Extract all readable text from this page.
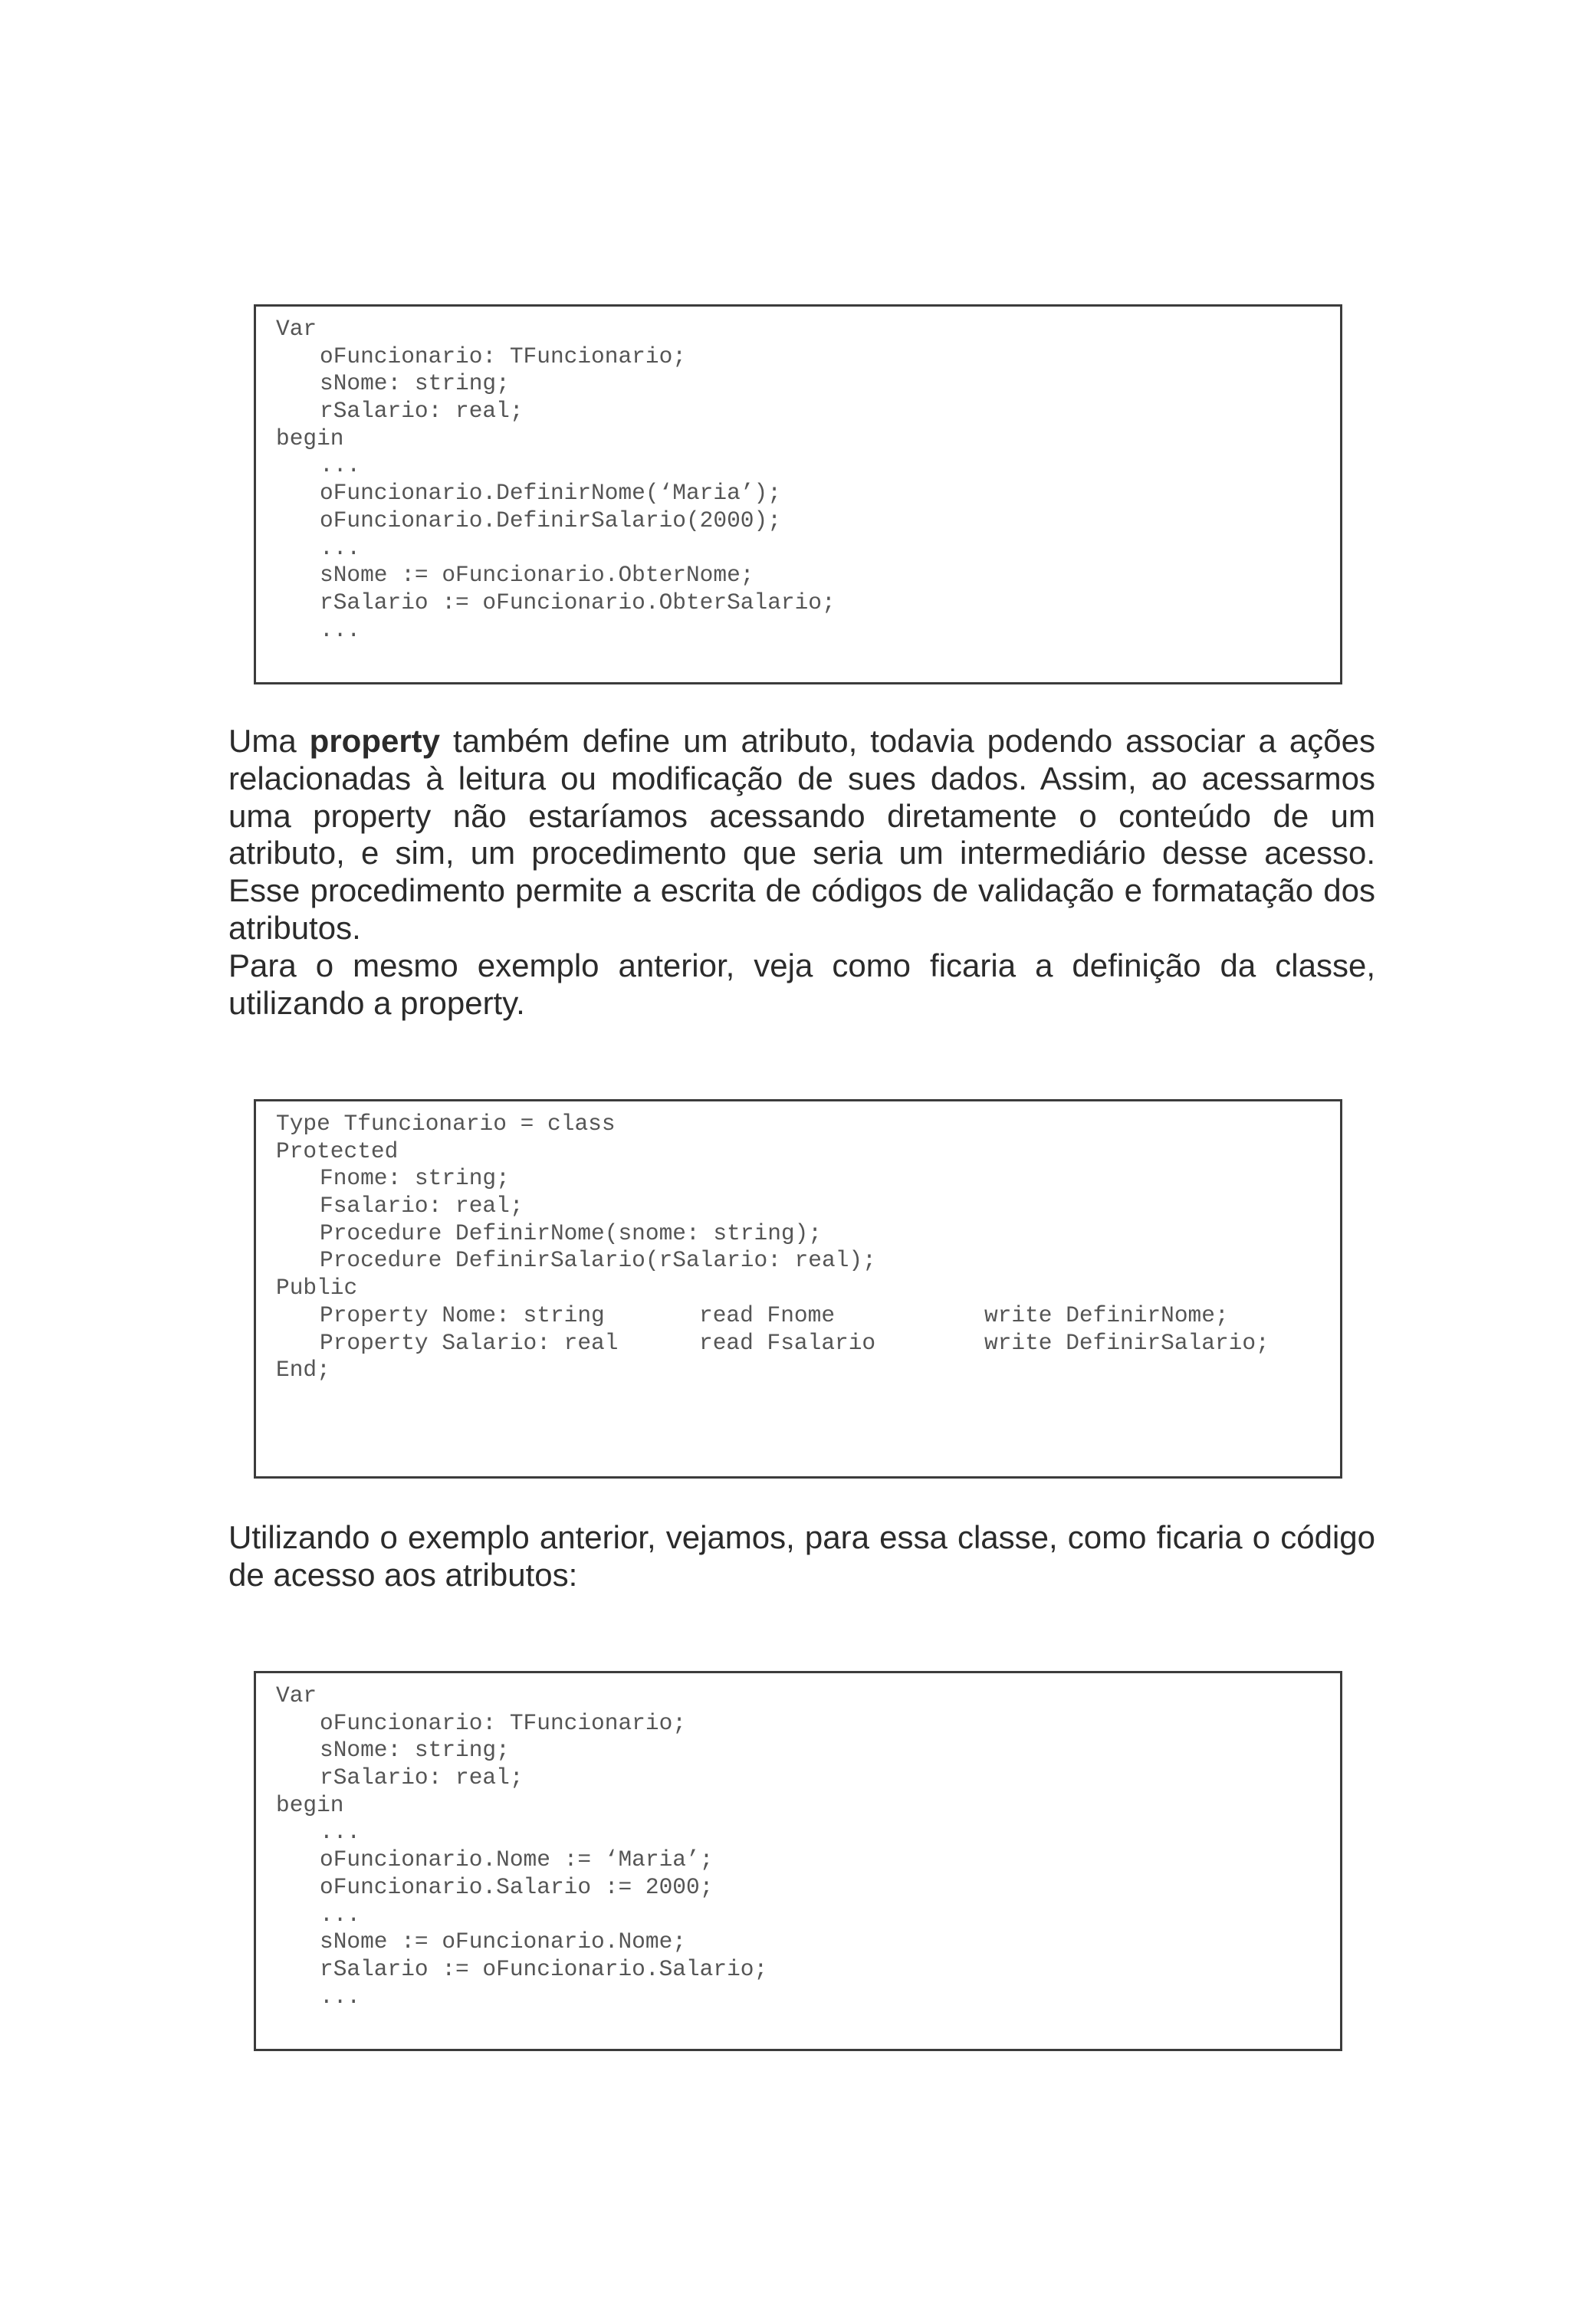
Var
oFuncionario: TFuncionario;
sNome: string;
rSalario: real;
begin
...
oFuncionario.DefinirNome(‘Maria’);
oFuncionario.DefinirSalario(2000);
...
sNome := oFuncionario.ObterNome;
rSalario := oFuncionario.ObterSalario;
...

Uma property também define um atributo, todavia podendo associar a ações relacionadas à leitura ou modificação de sues dados. Assim, ao acessarmos uma property não estaríamos acessando diretamente o conteúdo de um atributo, e sim, um procedimento que seria um intermediário desse acesso. Esse procedimento permite a escrita de códigos de validação e formatação dos atributos.

Para o mesmo exemplo anterior, veja como ficaria a definição da classe, utilizando a property.

Type Tfuncionario = class
Protected
Fnome: string;
Fsalario: real;
Procedure DefinirNome(snome: string);
Procedure DefinirSalario(rSalario: real);
Public
Property Nome: string	read Fnome	write DefinirNome;
Property Salario: real	read Fsalario	write DefinirSalario;
End;

Utilizando o exemplo anterior, vejamos, para essa classe, como ficaria o código de acesso aos atributos:

Var
oFuncionario: TFuncionario;
sNome: string;
rSalario: real;
begin
...
oFuncionario.Nome := ‘Maria’;
oFuncionario.Salario := 2000;
...
sNome := oFuncionario.Nome;
rSalario := oFuncionario.Salario;
...
